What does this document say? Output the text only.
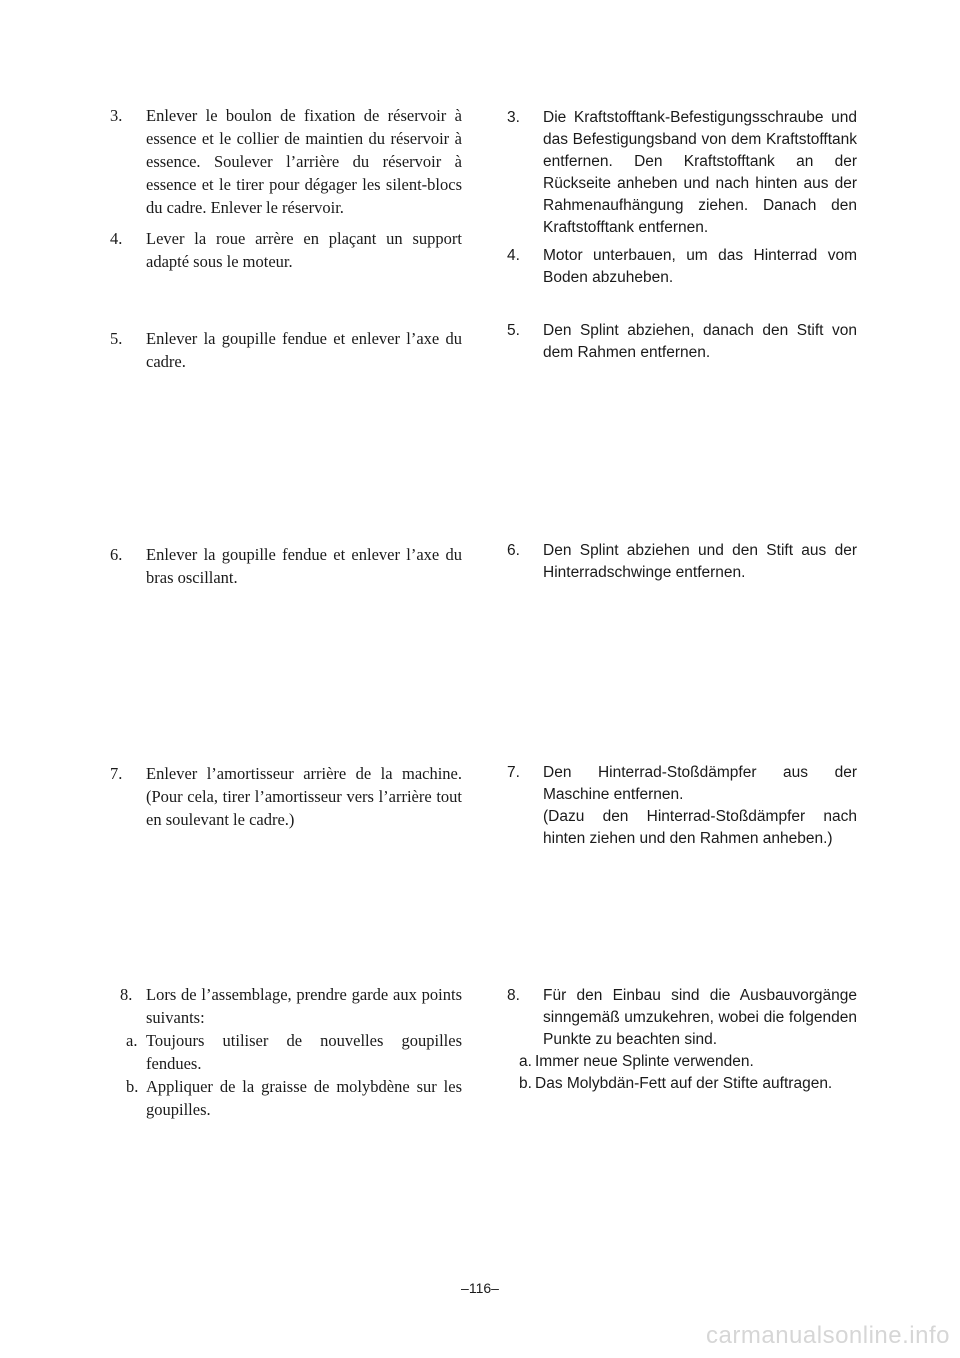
3. Enlever le boulon de fixation de réservoir à essence et le collier de maintien du réservoir à essence. Soulever l’arrière du réservoir à essence et le tirer pour dégager les silent-blocs du cadre. Enlever le réservoir.
4. Lever la roue arrère en plaçant un support adapté sous le moteur.
5. Enlever la goupille fendue et enlever l’axe du cadre.
6. Enlever la goupille fendue et enlever l’axe du bras oscillant.
7. Enlever l’amortisseur arrière de la machine. (Pour cela, tirer l’amortisseur vers l’arrière tout en soulevant le cadre.)
8. Lors de l’assemblage, prendre garde aux points suivants:
a. Toujours utiliser de nouvelles goupilles fendues.
b. Appliquer de la graisse de molybdène sur les goupilles.
3. Die Kraftstofftank-Befestigungsschraube und das Befestigungsband von dem Kraftstofftank entfernen. Den Kraftstofftank an der Rückseite anheben und nach hinten aus der Rahmenaufhängung ziehen. Danach den Kraftstofftank entfernen.
4. Motor unterbauen, um das Hinterrad vom Boden abzuheben.
5. Den Splint abziehen, danach den Stift von dem Rahmen entfernen.
6. Den Splint abziehen und den Stift aus der Hinterradschwinge entfernen.
7. Den Hinterrad-Stoßdämpfer aus der Maschine entfernen.
(Dazu den Hinterrad-Stoßdämpfer nach hinten ziehen und den Rahmen anheben.)
8. Für den Einbau sind die Ausbauvorgänge sinngemäß umzukehren, wobei die folgenden Punkte zu beachten sind.
a. Immer neue Splinte verwenden.
b. Das Molybdän-Fett auf der Stifte auftragen.
–116–
carmanualsonline.info
